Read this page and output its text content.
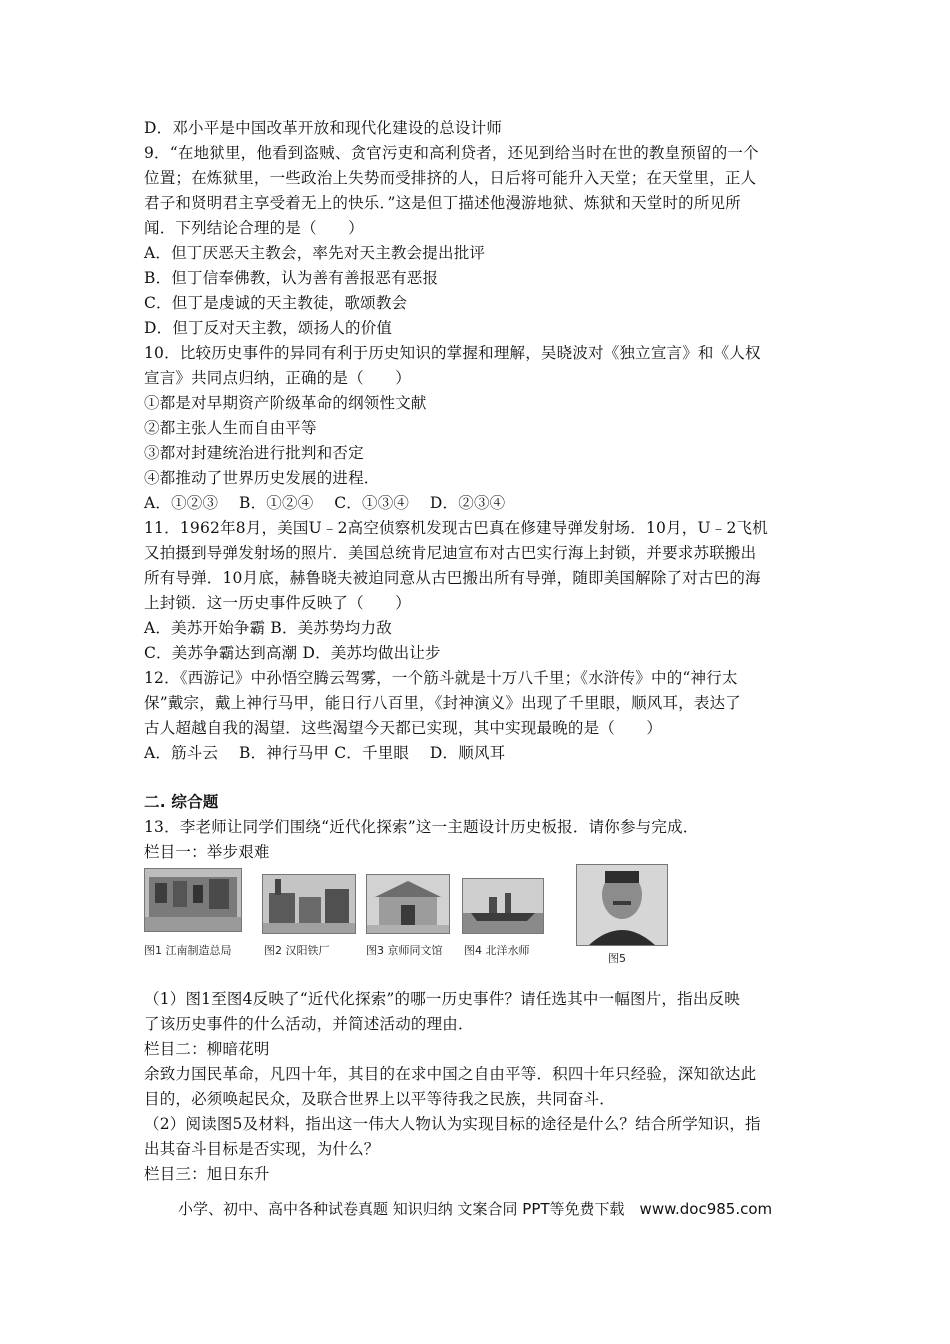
D．邓小平是中国改革开放和现代化建设的总设计师
9．“在地狱里，他看到盗贼、贪官污吏和高利贷者，还见到给当时在世的教皇预留的一个
位置；在炼狱里，一些政治上失势而受排挤的人，日后将可能升入天堂；在天堂里，正人
君子和贤明君主享受着无上的快乐．”这是但丁描述他漫游地狱、炼狱和天堂时的所见所
闻．下列结论合理的是（　　）
A．但丁厌恶天主教会，率先对天主教会提出批评
B．但丁信奉佛教，认为善有善报恶有恶报
C．但丁是虔诚的天主教徒，歌颂教会
D．但丁反对天主教，颂扬人的价值
10．比较历史事件的异同有利于历史知识的掌握和理解，吴晓波对《独立宣言》和《人权
宣言》共同点归纳，正确的是（　　）
①都是对早期资产阶级革命的纲领性文献
②都主张人生而自由平等
③都对封建统治进行批判和否定
④都推动了世界历史发展的进程．
A．①②③　 B．①②④　 C．①③④　 D．②③④
11．1962年8月，美国U﹣2高空侦察机发现古巴真在修建导弹发射场．10月，U﹣2飞机
又拍摄到导弹发射场的照片．美国总统肯尼迪宣布对古巴实行海上封锁，并要求苏联搬出
所有导弹．10月底，赫鲁晓夫被迫同意从古巴搬出所有导弹，随即美国解除了对古巴的海
上封锁．这一历史事件反映了（　　）
A．美苏开始争霸 B．美苏势均力敌
C．美苏争霸达到高潮 D．美苏均做出让步
12．《西游记》中孙悟空腾云驾雾，一个筋斗就是十万八千里；《水浒传》中的“神行太
保”戴宗，戴上神行马甲，能日行八百里，《封神演义》出现了千里眼，顺风耳，表达了
古人超越自我的渴望．这些渴望今天都已实现，其中实现最晚的是（　　）
A．筋斗云　 B．神行马甲 C．千里眼　 D．顺风耳
二. 综合题
13．李老师让同学们围绕“近代化探索”这一主题设计历史板报．请你参与完成．
栏目一：举步艰难
图1 江南制造总局	图2 汉阳铁厂	图3 京师同文馆 图4 北洋水师
图5
（1）图1至图4反映了“近代化探索”的哪一历史事件？请任选其中一幅图片，指出反映
了该历史事件的什么活动，并简述活动的理由．
栏目二：柳暗花明
余致力国民革命，凡四十年，其目的在求中国之自由平等．积四十年只经验，深知欲达此
目的，必须唤起民众，及联合世界上以平等待我之民族，共同奋斗．
（2）阅读图5及材料，指出这一伟大人物认为实现目标的途径是什么？结合所学知识，指
出其奋斗目标是否实现，为什么？
栏目三：旭日东升
小学、初中、高中各种试卷真题 知识归纳 文案合同 PPT等免费下载　www.doc985.com
